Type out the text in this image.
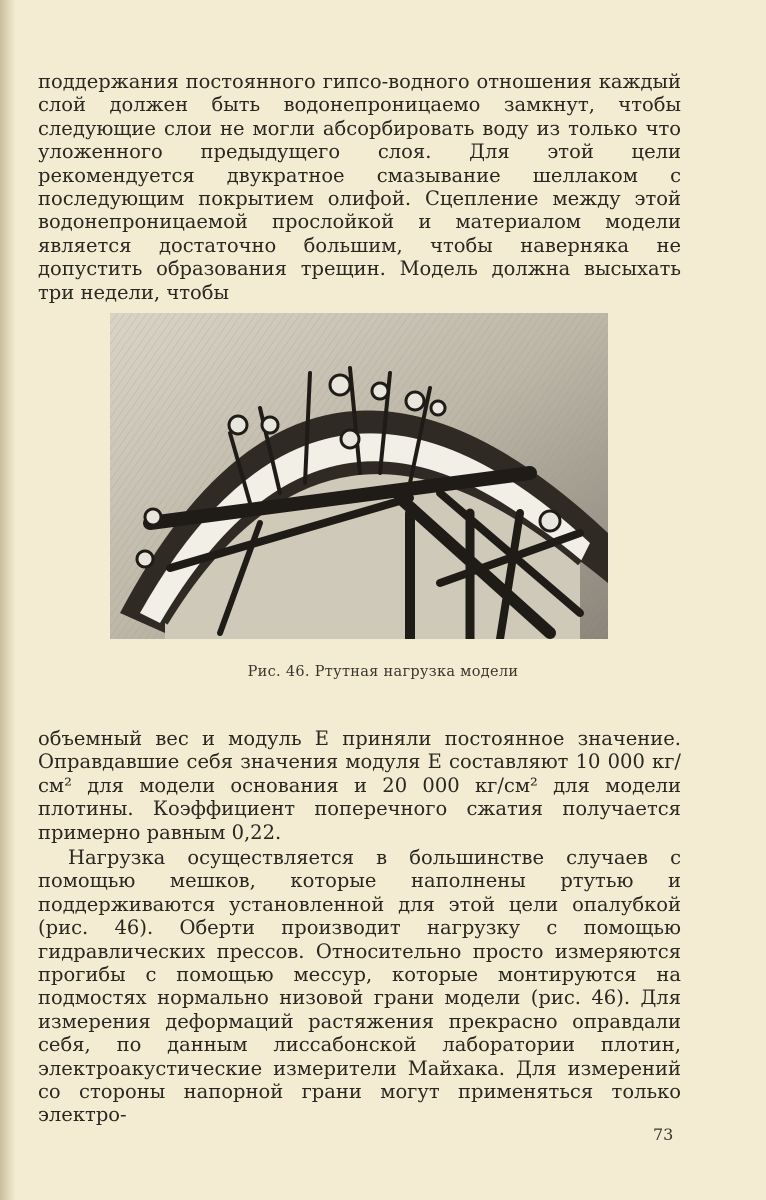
поддержания постоянного гипсо-водного отношения каждый слой должен быть водонепроницаемо замкнут, чтобы следующие слои не могли абсорбировать воду из только что уложенного предыдущего слоя. Для этой цели рекомендуется двукратное смазывание шеллаком с последующим покрытием олифой. Сцепление между этой водонепроницаемой прослойкой и материалом модели является достаточно большим, чтобы наверняка не допустить образования трещин. Модель должна высыхать три недели, чтобы

Рис. 46. Ртутная нагрузка модели

объемный вес и модуль E приняли постоянное значение. Оправдавшие себя значения модуля E составляют 10 000 кг/см² для модели основания и 20 000 кг/см² для модели плотины. Коэффициент поперечного сжатия получается примерно равным 0,22.

Нагрузка осуществляется в большинстве случаев с помощью мешков, которые наполнены ртутью и поддерживаются установленной для этой цели опалубкой (рис. 46). Оберти производит нагрузку с помощью гидравлических прессов. Относительно просто измеряются прогибы с помощью мессур, которые монтируются на подмостях нормально низовой грани модели (рис. 46). Для измерения деформаций растяжения прекрасно оправдали себя, по данным лиссабонской лаборатории плотин, электроакустические измерители Майхака. Для измерений со стороны напорной грани могут применяться только электро-

73
